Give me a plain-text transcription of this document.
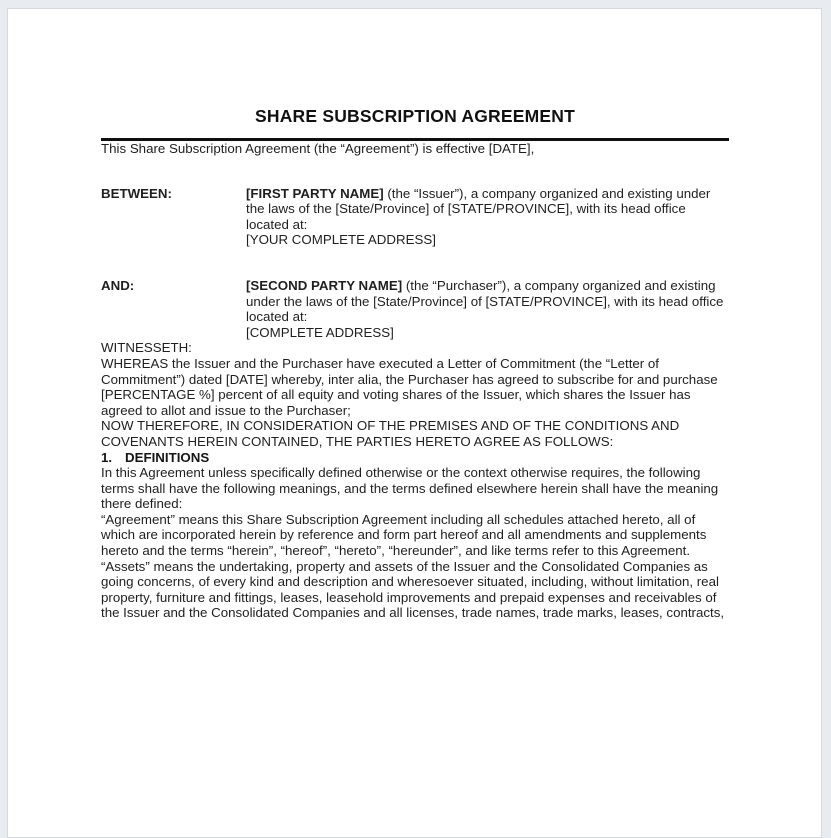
SHARE SUBSCRIPTION AGREEMENT

This Share Subscription Agreement (the “Agreement”) is effective [DATE],

BETWEEN:	[FIRST PARTY NAME] (the “Issuer”), a company organized and existing under the laws of the [State/Province] of [STATE/PROVINCE], with its head office located at:

[YOUR COMPLETE ADDRESS]

AND:	[SECOND PARTY NAME] (the “Purchaser”), a company organized and existing under the laws of the [State/Province] of [STATE/PROVINCE], with its head office located at:

[COMPLETE ADDRESS]

WITNESSETH:

WHEREAS the Issuer and the Purchaser have executed a Letter of Commitment (the “Letter of Commitment”) dated [DATE] whereby, inter alia, the Purchaser has agreed to subscribe for and purchase [PERCENTAGE %] percent of all equity and voting shares of the Issuer, which shares the Issuer has agreed to allot and issue to the Purchaser;

NOW THEREFORE, IN CONSIDERATION OF THE PREMISES AND OF THE CONDITIONS AND COVENANTS HEREIN CONTAINED, THE PARTIES HERETO AGREE AS FOLLOWS:

1. DEFINITIONS

In this Agreement unless specifically defined otherwise or the context otherwise requires, the following terms shall have the following meanings, and the terms defined elsewhere herein shall have the meaning there defined:

“Agreement” means this Share Subscription Agreement including all schedules attached hereto, all of which are incorporated herein by reference and form part hereof and all amendments and supplements hereto and the terms “herein”, “hereof”, “hereto”, “hereunder”, and like terms refer to this Agreement.

“Assets” means the undertaking, property and assets of the Issuer and the Consolidated Companies as going concerns, of every kind and description and wheresoever situated, including, without limitation, real property, furniture and fittings, leases, leasehold improvements and prepaid expenses and receivables of the Issuer and the Consolidated Companies and all licenses, trade names, trade marks, leases, contracts,
